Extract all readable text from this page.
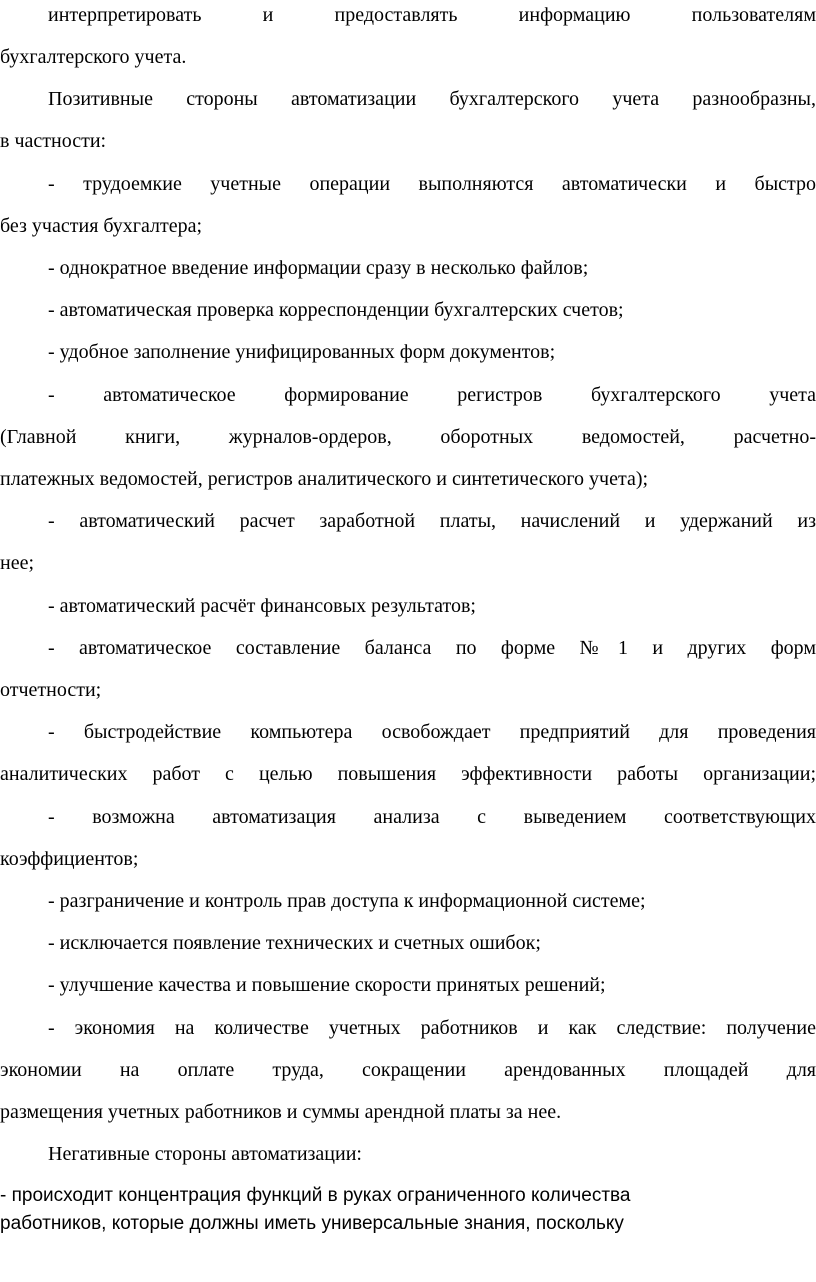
интерпретировать и предоставлять информацию пользователям
бухгалтерского учета.
Позитивные стороны автоматизации бухгалтерского учета разнообразны,
в частности:
- трудоемкие учетные операции выполняются автоматически и быстро
без участия бухгалтера;
- однократное введение информации сразу в несколько файлов;
- автоматическая проверка корреспонденции бухгалтерских счетов;
- удобное заполнение унифицированных форм документов;
- автоматическое формирование регистров бухгалтерского учета
(Главной книги, журналов-ордеров, оборотных ведомостей, расчетно-
платежных ведомостей, регистров аналитического и синтетического учета);
- автоматический расчет заработной платы, начислений и удержаний из
нее;
- автоматический расчёт финансовых результатов;
- автоматическое составление баланса по форме №1 и других форм
отчетности;
- быстродействие компьютера освобождает предприятий для проведения
аналитических работ с целью повышения эффективности работы организации;
- возможна автоматизация анализа с выведением соответствующих
коэффициентов;
- разграничение и контроль прав доступа к информационной системе;
- исключается появление технических и счетных ошибок;
- улучшение качества и повышение скорости принятых решений;
- экономия на количестве учетных работников и как следствие: получение
экономии на оплате труда, сокращении арендованных площадей для
размещения учетных работников и суммы арендной платы за нее.
Негативные стороны автоматизации:
- происходит концентрация функций в руках ограниченного количества
работников, которые должны иметь универсальные знания, поскольку
